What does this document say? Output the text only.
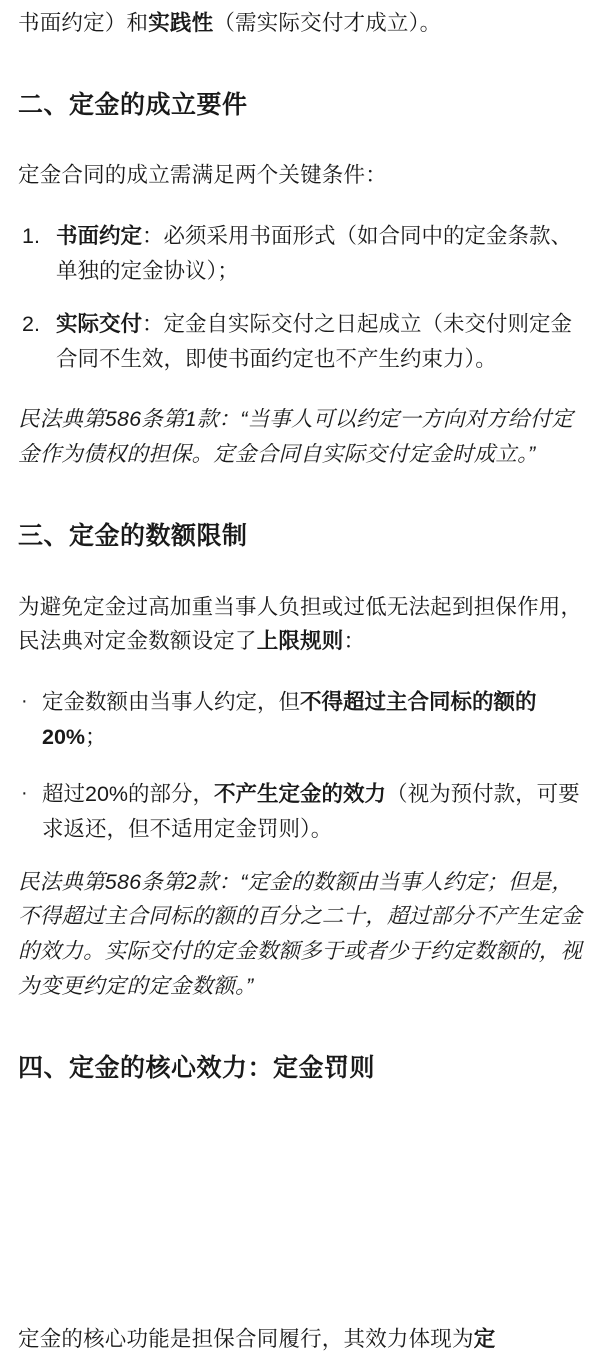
书面约定）和实践性（需实际交付才成立）。

二、定金的成立要件

定金合同的成立需满足两个关键条件：

1. 书面约定：必须采用书面形式（如合同中的定金条款、单独的定金协议）；
2. 实际交付：定金自实际交付之日起成立（未交付则定金合同不生效，即使书面约定也不产生约束力）。

民法典第586条第1款：“当事人可以约定一方向对方给付定金作为债权的担保。定金合同自实际交付定金时成立。”

三、定金的数额限制

为避免定金过高加重当事人负担或过低无法起到担保作用，民法典对定金数额设定了上限规则：

· 定金数额由当事人约定，但不得超过主合同标的额的20%；
· 超过20%的部分，不产生定金的效力（视为预付款，可要求返还，但不适用定金罚则）。

民法典第586条第2款：“定金的数额由当事人约定；但是，不得超过主合同标的额的百分之二十，超过部分不产生定金的效力。实际交付的定金数额多于或者少于约定数额的，视为变更约定的定金数额。”

四、定金的核心效力：定金罚则

定金的核心功能是担保合同履行，其效力体现为定
